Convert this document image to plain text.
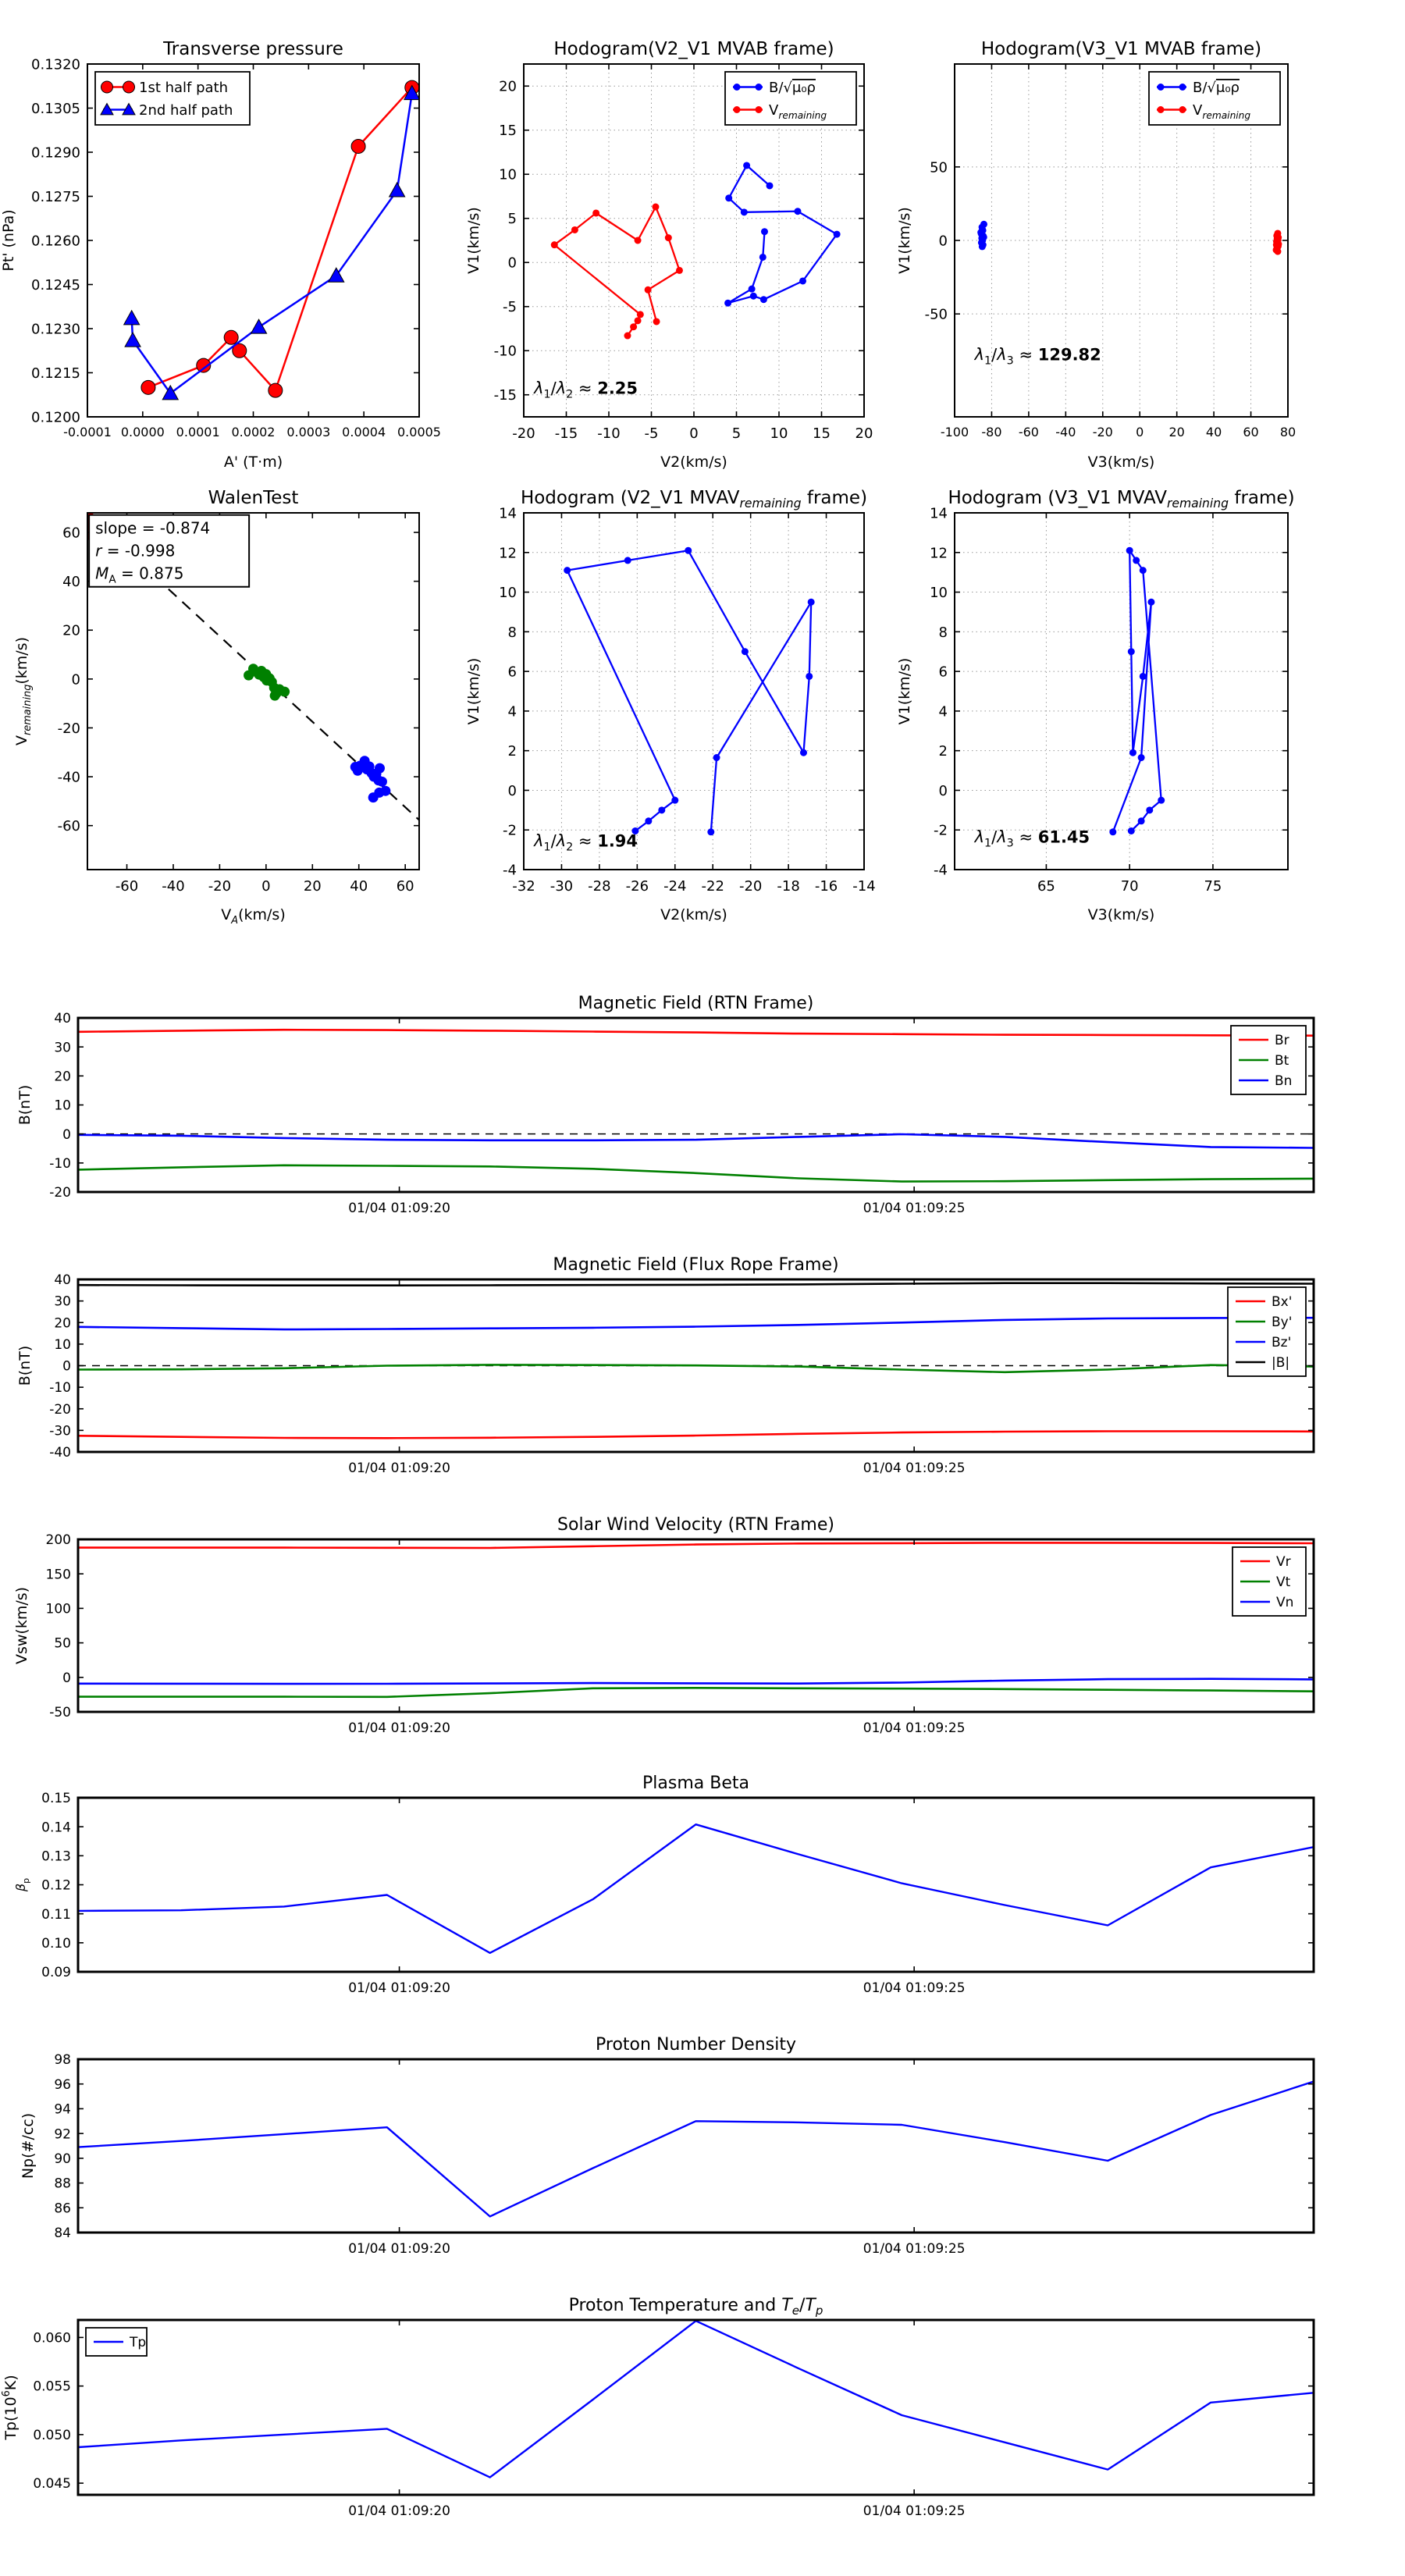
-0.0001 0.0000 0.0001 0.0002 0.0003 0.0004 0.0005
0.1200
0.1215
0.1230
0.1245
0.1260
0.1275
0.1290
0.1305
0.1320
Transverse pressure
A' (T·m)
Pt' (nPa)
1st half path
2nd half path
-20 -15 -10 -5 0 5 10 15 20
-15
-10
-5
0
5
10
15
20
Hodogram(V2_V1 MVAB frame)
V2(km/s)
V1(km/s)
B/√μ₀ρ
$V_{remaining}$
$\lambda_1/\lambda_2 \approx 2.25$
-100 -80 -60 -40 -20 0 20 40 60 80
-50
0
50
Hodogram(V3_V1 MVAB frame)
V3(km/s)
V1(km/s)
B/√μ₀ρ
$V_{remaining}$
$\lambda_1/\lambda_3 \approx 129.82$
-60 -40 -20 0 20 40 60
-60
-40
-20
0
20
40
60
WalenTest
$V_A(km/s)$
$V_{remaining}(km/s)$
slope = -0.874
r = -0.998
$M_A = 0.875$
-32 -30 -28 -26 -24 -22 -20 -18 -16 -14
-4
-2
0
2
4
6
8
10
12
14
Hodogram (V2_V1 $MVAV_{remaining}$ frame)
V2(km/s)
V1(km/s)
$\lambda_1/\lambda_2 \approx 1.94$
65	70	75
-4
-2
0
2
4
6
8
10
12
14
Hodogram (V3_V1 $MVAV_{remaining}$ frame)
V3(km/s)
V1(km/s)
$\lambda_1/\lambda_3 \approx 61.45$
01/04 01:09:20	01/04 01:09:25
-20
-10
0
10
20
30
40
Magnetic Field (RTN Frame)
B(nT)
Br
Bt
Bn
01/04 01:09:20	01/04 01:09:25
-40
-30
-20
-10
0
10
20
30
40
Magnetic Field (Flux Rope Frame)
B(nT)
Bx'
By'
Bz'
|B|
01/04 01:09:20	01/04 01:09:25
-50
0
50
100
150
200
Solar Wind Velocity (RTN Frame)
Vsw(km/s)
Vr
Vt
Vn
01/04 01:09:20	01/04 01:09:25
0.09
0.10
0.11
0.12
0.13
0.14
0.15
Plasma Beta
$\beta_p$
01/04 01:09:20	01/04 01:09:25
84
86
88
90
92
94
96
98
Proton Number Density
Np(#/cc)
01/04 01:09:20	01/04 01:09:25
0.045
0.050
0.055
0.060
Proton Temperature and $T_e/T_p$
$Tp(10^6K)$
Tp
